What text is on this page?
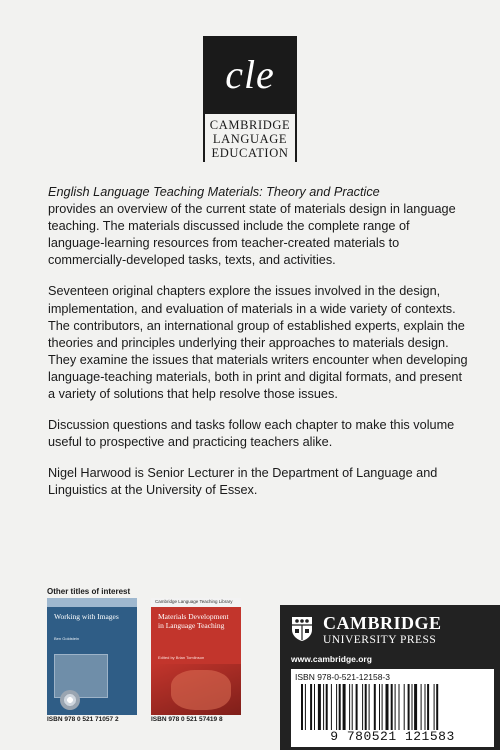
cle
CAMBRIDGE
LANGUAGE
EDUCATION

English Language Teaching Materials: Theory and Practice
provides an overview of the current state of materials design in language teaching. The materials discussed include the complete range of language-learning resources from teacher-created materials to commercially-developed tasks, texts, and activities.

Seventeen original chapters explore the issues involved in the design, implementation, and evaluation of materials in a wide variety of contexts. The contributors, an international group of established experts, explain the theories and principles underlying their approaches to materials design. They examine the issues that materials writers encounter when developing language-teaching materials, both in print and digital formats, and present a variety of solutions that help resolve those issues.

Discussion questions and tasks follow each chapter to make this volume useful to prospective and practicing teachers alike.

Nigel Harwood is Senior Lecturer in the Department of Language and Linguistics at the University of Essex.

Other titles of interest
Working with Images
Ben Goldstein
ISBN 978 0 521 71057 2
Cambridge Language Teaching Library
Materials Development in Language Teaching
Edited by Brian Tomlinson
ISBN 978 0 521 57419 8
CAMBRIDGE
UNIVERSITY PRESS
www.cambridge.org
ISBN 978-0-521-12158-3
9 780521 121583
